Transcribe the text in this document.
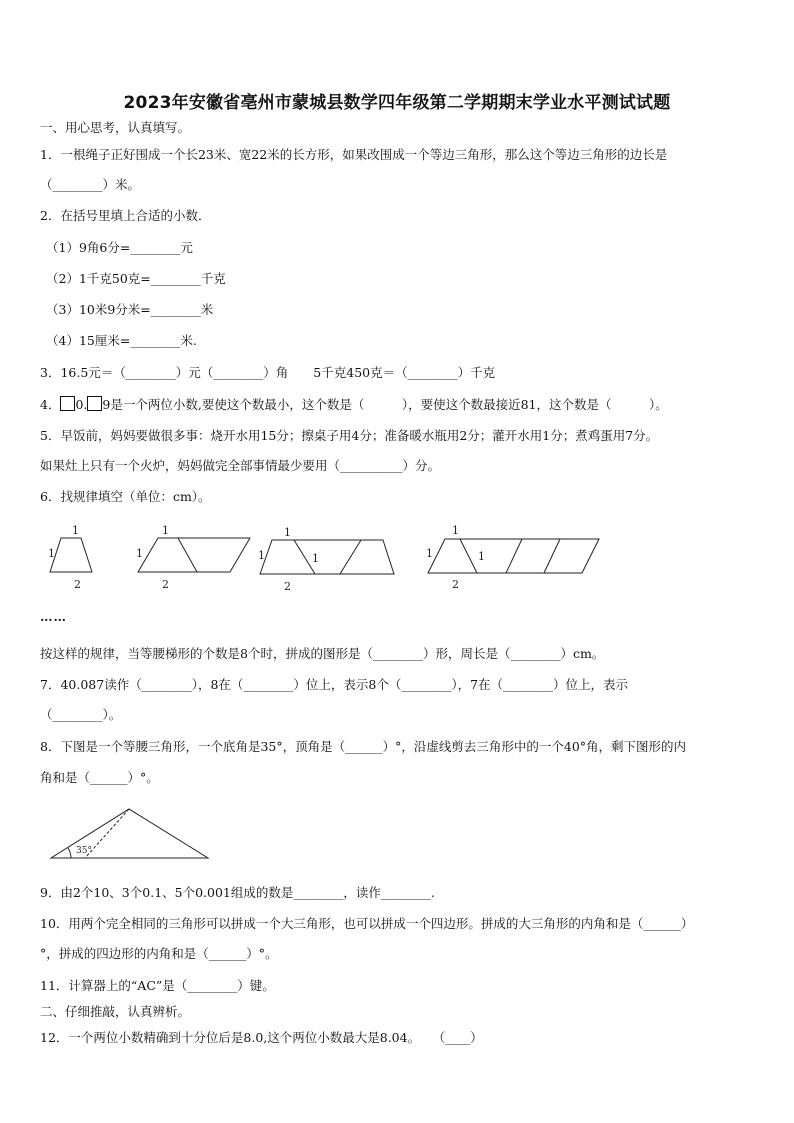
2023年安徽省亳州市蒙城县数学四年级第二学期期末学业水平测试试题
一、用心思考，认真填写。
1．一根绳子正好围成一个长23米、宽22米的长方形，如果改围成一个等边三角形，那么这个等边三角形的边长是
（________）米。
2．在括号里填上合适的小数．
（1）9角6分=________元
（2）1千克50克=________千克
（3）10米9分米=________米
（4）15厘米=________米.
3．16.5元＝（________）元（________）角　　5千克450克＝（________）千克
4． 0. 9是一个两位小数,要使这个数最小，这个数是（　　　），要使这个数最接近81，这个数是（　　　）。
5．早饭前，妈妈要做很多事：烧开水用15分；擦桌子用4分；准备暖水瓶用2分；灌开水用1分；煮鸡蛋用7分。
如果灶上只有一个火炉，妈妈做完全部事情最少要用（__________）分。
6．找规律填空（单位：cm）。
1
1
2
1
1
2
1
1	1
2
1
1	1
2
……
按这样的规律，当等腰梯形的个数是8个时，拼成的图形是（________）形，周长是（________）cm。
7．40.087读作（________），8在（________）位上，表示8个（________），7在（________）位上，表示
（________）。
8．下图是一个等腰三角形，一个底角是35°，顶角是（______）°，沿虚线剪去三角形中的一个40°角，剩下图形的内
角和是（______）°。
35°
9．由2个10、3个0.1、5个0.001组成的数是________，读作________.
10．用两个完全相同的三角形可以拼成一个大三角形，也可以拼成一个四边形。拼成的大三角形的内角和是（______）
°，拼成的四边形的内角和是（______）°。
11．计算器上的“AC”是（________）键。
二、仔细推敲，认真辨析。
12．一个两位小数精确到十分位后是8.0,这个两位小数最大是8.04。　　（____）
